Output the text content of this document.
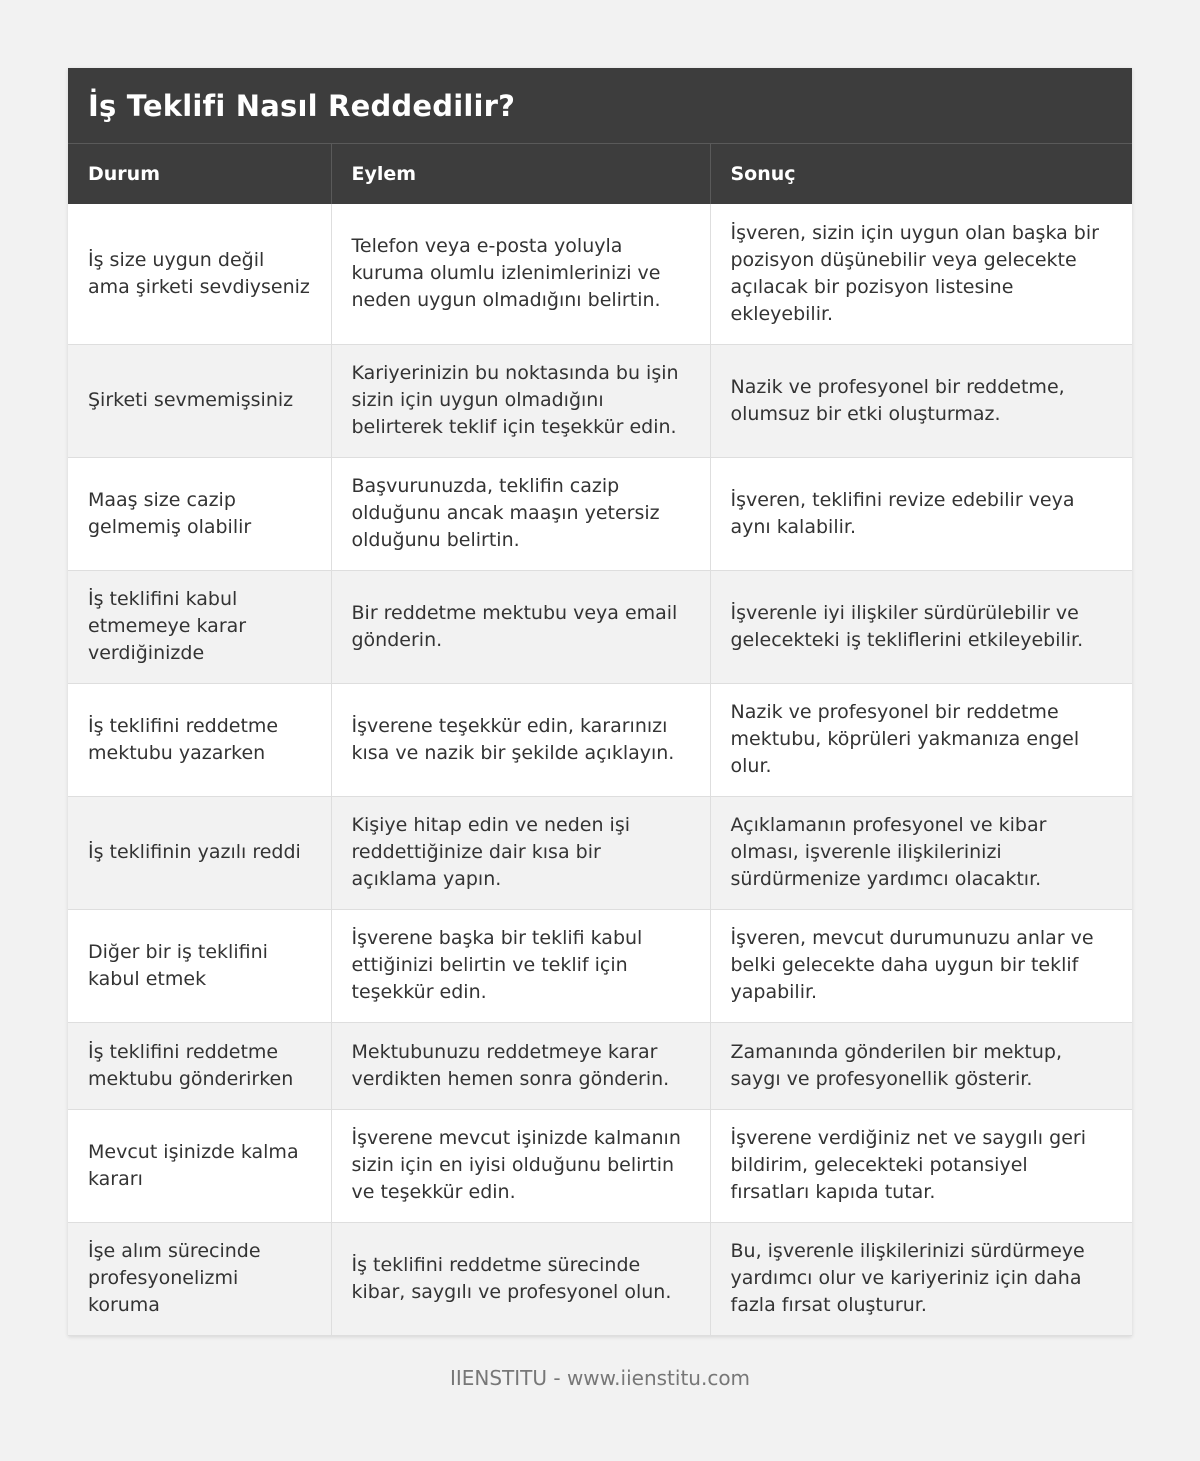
İş Teklifi Nasıl Reddedilir?
Durum	Eylem	Sonuç
İş size uygun değil ama şirketi sevdiyseniz	Telefon veya e-posta yoluyla kuruma olumlu izlenimlerinizi ve neden uygun olmadığını belirtin.	İşveren, sizin için uygun olan başka bir pozisyon düşünebilir veya gelecekte açılacak bir pozisyon listesine ekleyebilir.
Şirketi sevmemişsiniz	Kariyerinizin bu noktasında bu işin sizin için uygun olmadığını belirterek teklif için teşekkür edin.	Nazik ve profesyonel bir reddetme, olumsuz bir etki oluşturmaz.
Maaş size cazip gelmemiş olabilir	Başvurunuzda, teklifin cazip olduğunu ancak maaşın yetersiz olduğunu belirtin.	İşveren, teklifini revize edebilir veya aynı kalabilir.
İş teklifini kabul etmemeye karar verdiğinizde	Bir reddetme mektubu veya email gönderin.	İşverenle iyi ilişkiler sürdürülebilir ve gelecekteki iş tekliflerini etkileyebilir.
İş teklifini reddetme mektubu yazarken	İşverene teşekkür edin, kararınızı kısa ve nazik bir şekilde açıklayın.	Nazik ve profesyonel bir reddetme mektubu, köprüleri yakmanıza engel olur.
İş teklifinin yazılı reddi	Kişiye hitap edin ve neden işi reddettiğinize dair kısa bir açıklama yapın.	Açıklamanın profesyonel ve kibar olması, işverenle ilişkilerinizi sürdürmenize yardımcı olacaktır.
Diğer bir iş teklifini kabul etmek	İşverene başka bir teklifi kabul ettiğinizi belirtin ve teklif için teşekkür edin.	İşveren, mevcut durumunuzu anlar ve belki gelecekte daha uygun bir teklif yapabilir.
İş teklifini reddetme mektubu gönderirken	Mektubunuzu reddetmeye karar verdikten hemen sonra gönderin.	Zamanında gönderilen bir mektup, saygı ve profesyonellik gösterir.
Mevcut işinizde kalma kararı	İşverene mevcut işinizde kalmanın sizin için en iyisi olduğunu belirtin ve teşekkür edin.	İşverene verdiğiniz net ve saygılı geri bildirim, gelecekteki potansiyel fırsatları kapıda tutar.
İşe alım sürecinde profesyonelizmi koruma	İş teklifini reddetme sürecinde kibar, saygılı ve profesyonel olun.	Bu, işverenle ilişkilerinizi sürdürmeye yardımcı olur ve kariyeriniz için daha fazla fırsat oluşturur.
IIENSTITU - www.iienstitu.com
